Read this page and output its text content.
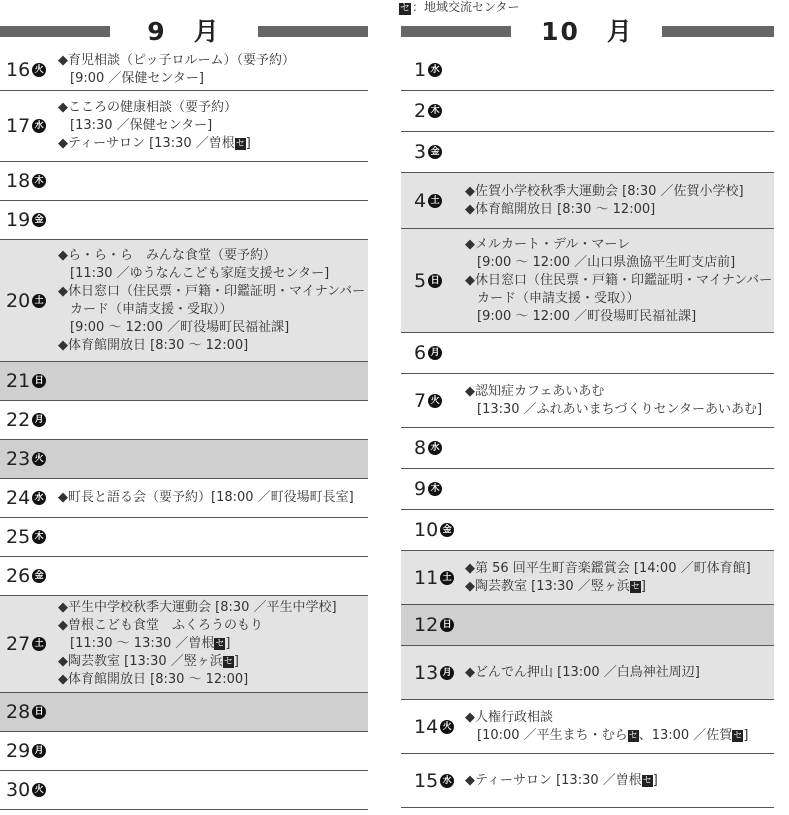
セ ：地域交流センター
9　月
16 火
◆育児相談（ピッ子ロルーム）（要予約）
[9:00 ／保健センター]
17 水
◆こころの健康相談（要予約）
[13:30 ／保健センター]
◆ティーサロン [13:30 ／曽根セ]
18 木
19 金
20 土
◆ら・ら・ら　みんな食堂（要予約）
[11:30 ／ゆうなんこども家庭支援センター]
◆休日窓口（住民票・戸籍・印鑑証明・マイナンバー
カード（申請支援・受取））
[9:00 ～ 12:00 ／町役場町民福祉課]
◆体育館開放日 [8:30 ～ 12:00]
21 日
22 月
23 火
24 水 ◆町長と語る会（要予約）[18:00 ／町役場町長室]
25 木
26 金
27 土
◆平生中学校秋季大運動会 [8:30 ／平生中学校]
◆曽根こども食堂　ふくろうのもり
[11:30 ～ 13:30 ／曽根セ]
◆陶芸教室 [13:30 ／竪ヶ浜セ]
◆体育館開放日 [8:30 ～ 12:00]
28 日
29 月
30 火
10　月
1 水
2 木
3 金
4 土
◆佐賀小学校秋季大運動会 [8:30 ／佐賀小学校]
◆体育館開放日 [8:30 ～ 12:00]
5 日
◆メルカート・デル・マーレ
[9:00 ～ 12:00 ／山口県漁協平生町支店前]
◆休日窓口（住民票・戸籍・印鑑証明・マイナンバー
カード（申請支援・受取））
[9:00 ～ 12:00 ／町役場町民福祉課]
6 月
7 火
◆認知症カフェあいあむ
[13:30 ／ふれあいまちづくりセンターあいあむ]
8 水
9 木
10 金
11 土
◆第 56 回平生町音楽鑑賞会 [14:00 ／町体育館]
◆陶芸教室 [13:30 ／竪ヶ浜セ]
12 日
13 月 ◆どんでん押山 [13:00 ／白鳥神社周辺]
14 火
◆人権行政相談
[10:00 ／平生まち・むらセ、13:00 ／佐賀セ]
15 水 ◆ティーサロン [13:30 ／曽根セ]
